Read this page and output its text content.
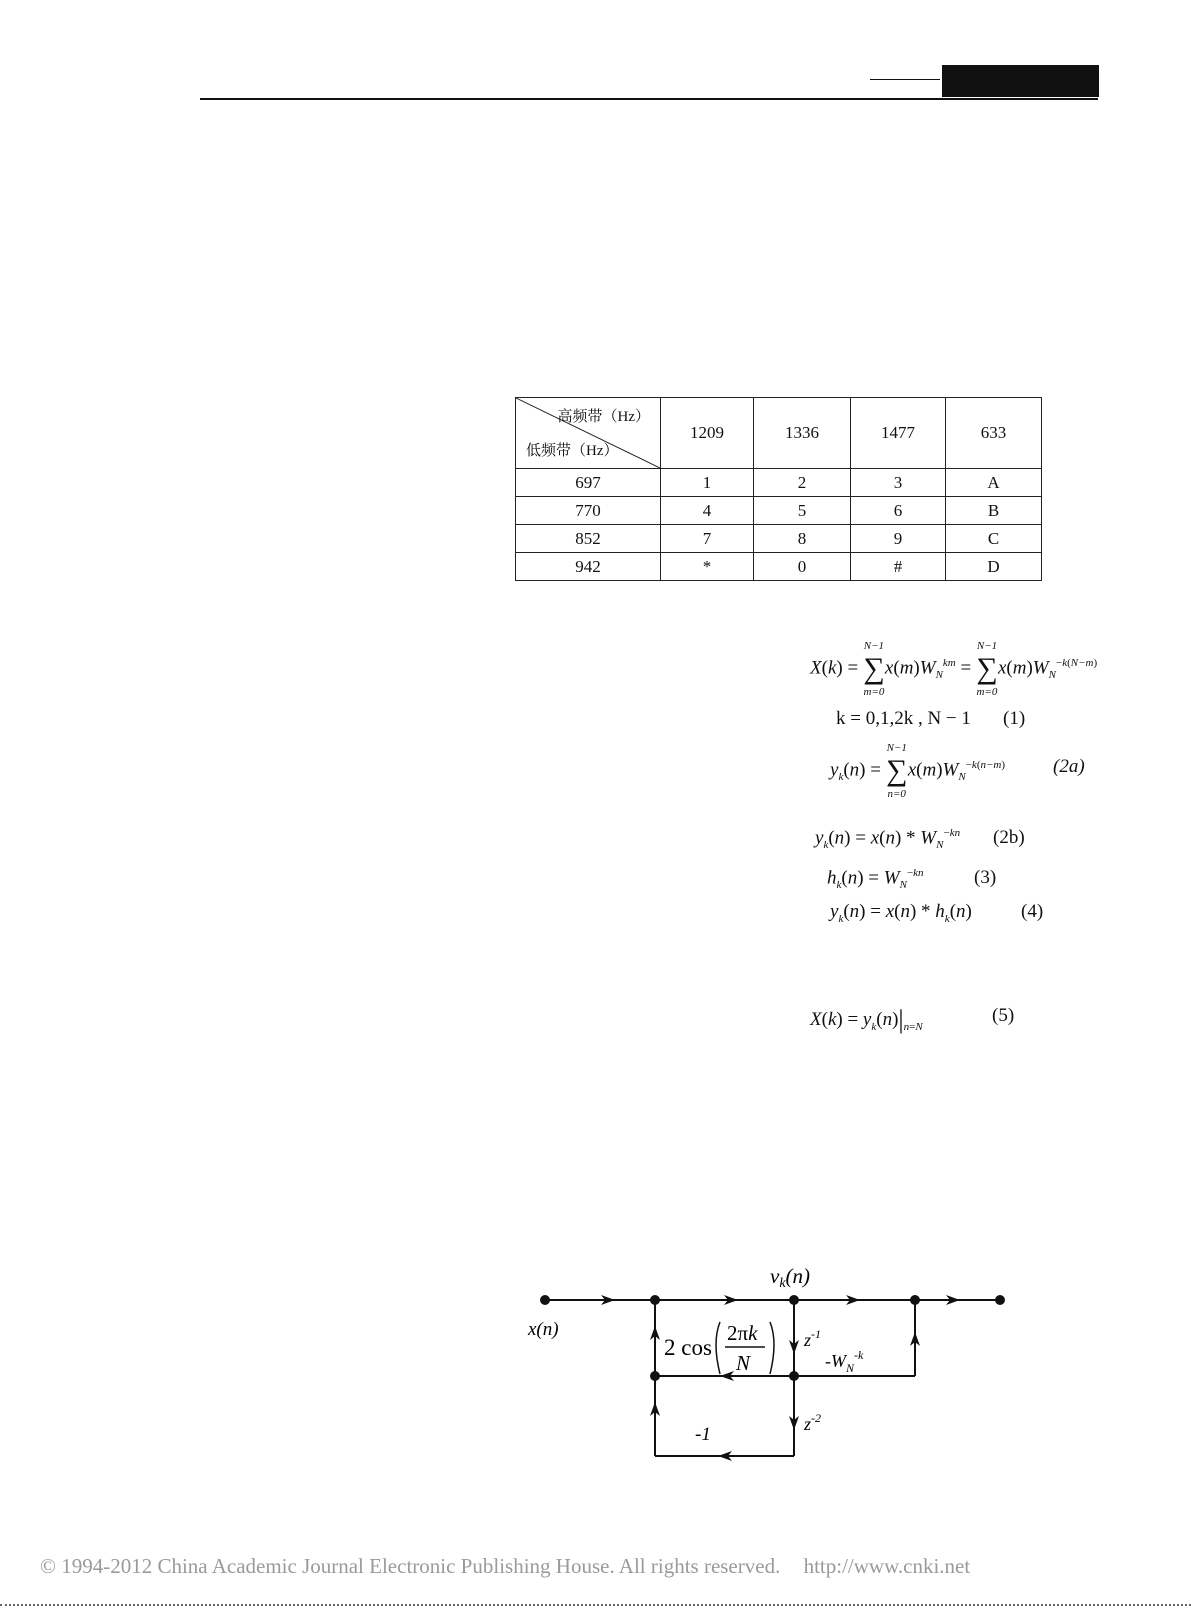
高频带（Hz）
低频带（Hz）	1209	1336	1477	633
697	1	2	3	A
770	4	5	6	B
852	7	8	9	C
942	*	0	#	D
X(k) =
N−1
∑
m=0
$x(m)W_N^{km}$ =
N−1
∑
m=0
$x(m)W_N^{-k(N-m)}$
k = 0,1,2k , N − 1 (1)
$y_k(n)$ =
N−1
∑
n=0
$x(m)W_N^{-k(n-m)}$	(2a)
$y_k(n) = x(n) * W_N^{-kn}$ (2b)
$h_k(n) = W_N^{-kn}$	(3)
$y_k(n) = x(n) * h_k(n)$	(4)
$X(k) = y_k(n)|_{n=N}$
(5)
2 cos
2πk
N
x(n)
vk(n)
$z^{-1}$
$z^{-2}$
$-W_N^{-k}$
-1
© 1994-2012 China Academic Journal Electronic Publishing House. All rights reserved. http://www.cnki.net
